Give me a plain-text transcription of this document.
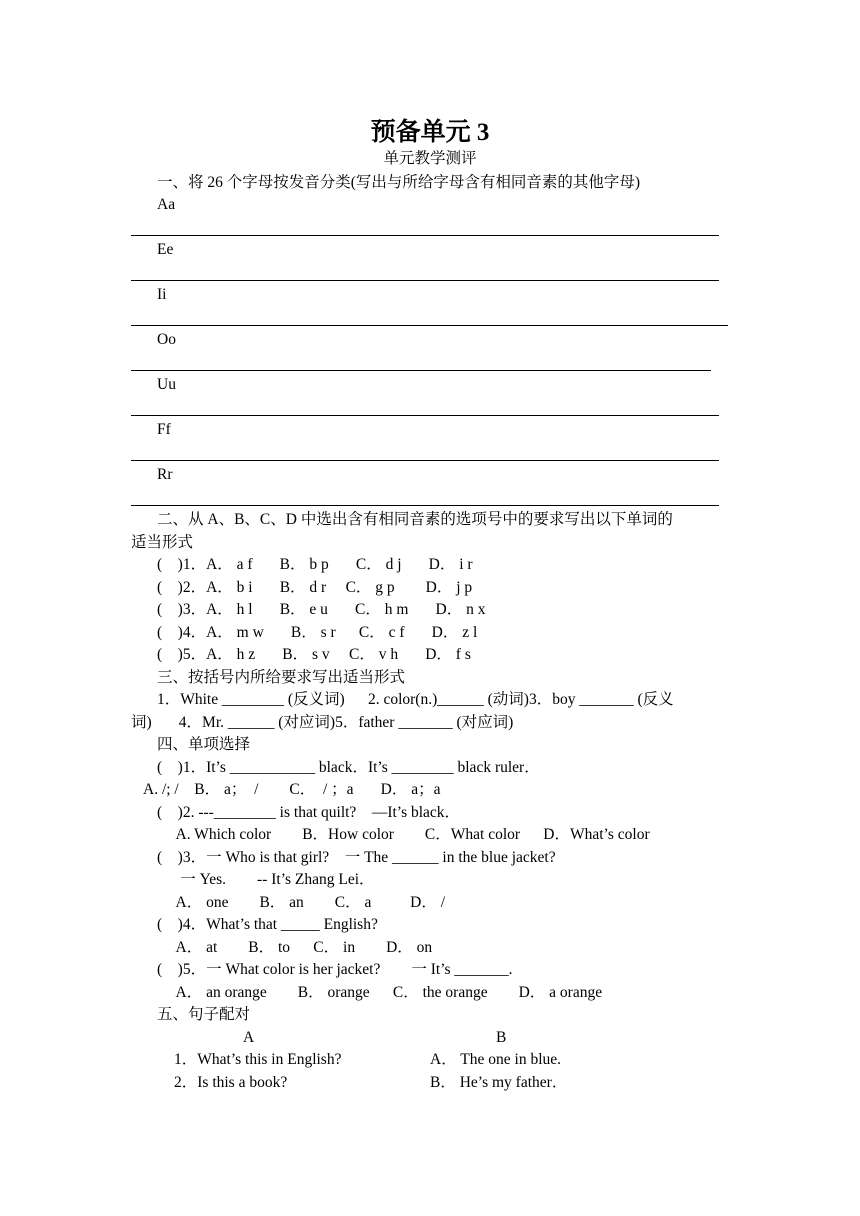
预备单元 3
单元教学测评
一、将 26 个字母按发音分类(写出与所给字母含有相同音素的其他字母)
Aa
Ee
Ii
Oo
Uu
Ff
Rr
二、从 A、B、C、D 中选出含有相同音素的选项号中的要求写出以下单词的
适当形式
(    )1．A． a f       B． b p       C． d j       D． i r
(    )2．A． b i       B． d r     C． g p        D． j p
(    )3．A． h l       B． e u       C． h m       D． n x
(    )4．A． m w       B． s r      C． c f       D． z l
(    )5．A． h z       B． s v     C． v h       D． f s
三、按括号内所给要求写出适当形式
1．White ________ (反义词)      2. color(n.)______ (动词)3．boy _______ (反义
词)       4．Mr. ______ (对应词)5．father _______ (对应词)
四、单项选择
(    )1．It’s ___________ black．It’s ________ black ruler．
A. /; /    B． a；  /        C．  / ；a       D． a；a
(    )2. ---________ is that quilt?    —It’s black．
A. Which color        B．How color        C．What color      D．What’s color
(    )3．一 Who is that girl?    一 The ______ in the blue jacket?
一 Yes.        -- It’s Zhang Lei．
A． one        B． an        C． a          D． /
(    )4．What’s that _____ English?
A． at        B． to      C． in        D． on
(    )5．一 What color is her jacket?        一 It’s _______.
A． an orange        B． orange      C． the orange        D． a orange
五、句子配对
A	B
1．What’s this in English?	A． The one in blue.
2．Is this a book?	B． He’s my father．
